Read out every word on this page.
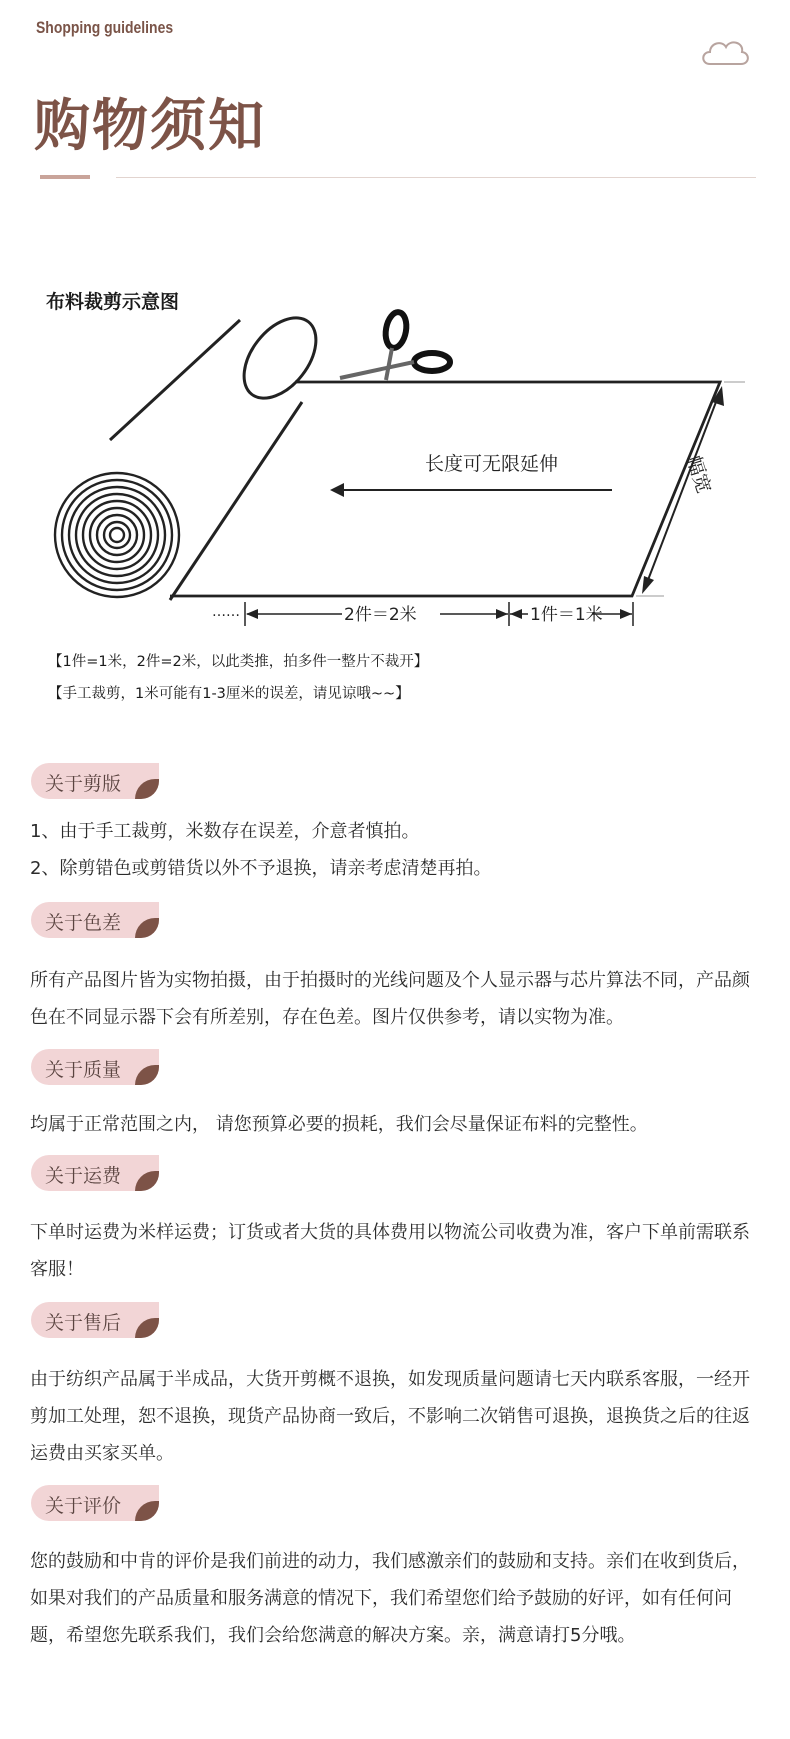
Shopping guidelines
购物须知
布料裁剪示意图
长度可无限延伸	幅宽
……	2件＝2米	1件＝1米
【1件=1米，2件=2米，以此类推，拍多件一整片不裁开】
【手工裁剪，1米可能有1-3厘米的误差，请见谅哦~~】
关于剪版

1、由于手工裁剪，米数存在误差，介意者慎拍。

2、除剪错色或剪错货以外不予退换，请亲考虑清楚再拍。

关于色差

所有产品图片皆为实物拍摄，由于拍摄时的光线问题及个人显示器与芯片算法不同，产品颜色在不同显示器下会有所差别，存在色差。图片仅供参考，请以实物为准。

关于质量

均属于正常范围之内， 请您预算必要的损耗，我们会尽量保证布料的完整性。

关于运费

下单时运费为米样运费；订货或者大货的具体费用以物流公司收费为准，客户下单前需联系客服！

关于售后

由于纺织产品属于半成品，大货开剪概不退换，如发现质量问题请七天内联系客服，一经开剪加工处理，恕不退换，现货产品协商一致后，不影响二次销售可退换，退换货之后的往返运费由买家买单。

关于评价

您的鼓励和中肯的评价是我们前进的动力，我们感激亲们的鼓励和支持。亲们在收到货后，如果对我们的产品质量和服务满意的情况下，我们希望您们给予鼓励的好评，如有任何问题，希望您先联系我们，我们会给您满意的解决方案。亲，满意请打5分哦。
